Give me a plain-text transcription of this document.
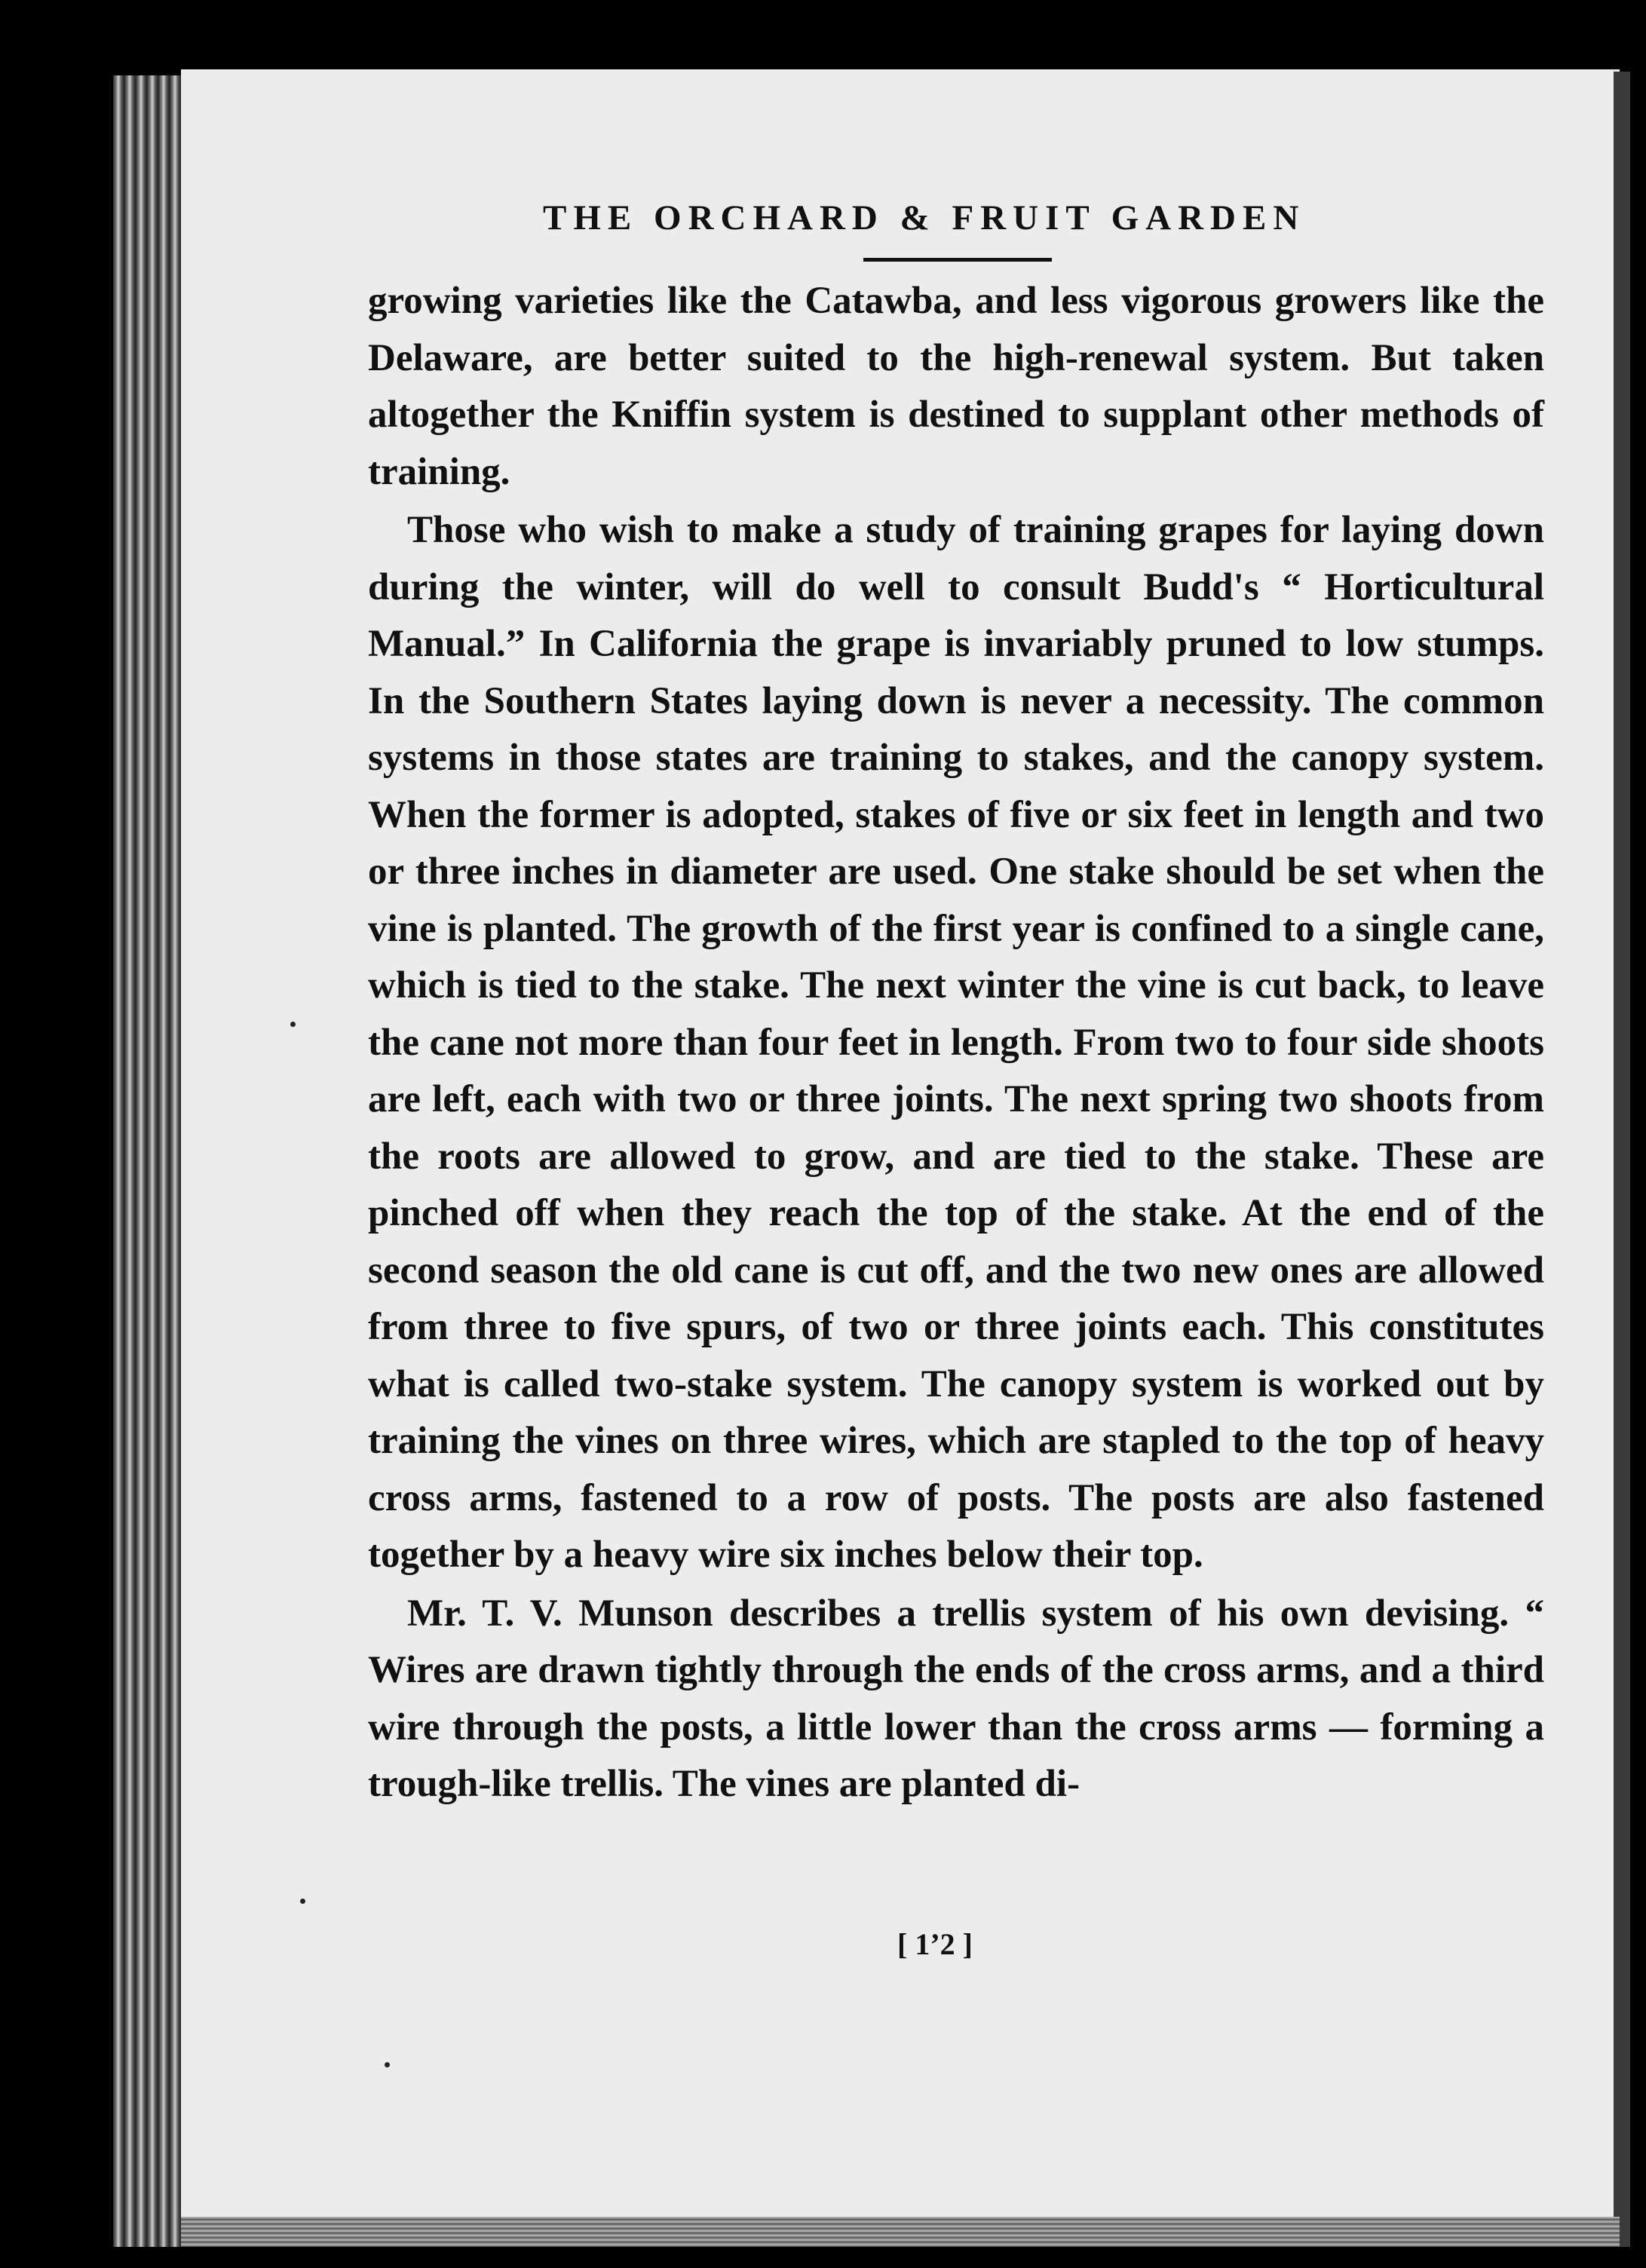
THE ORCHARD & FRUIT GARDEN

growing varieties like the Catawba, and less vigorous growers like the Delaware, are better suited to the high-renewal system. But taken altogether the Kniffin system is destined to supplant other methods of training.

Those who wish to make a study of training grapes for laying down during the winter, will do well to consult Budd's “ Horticultural Manual.” In California the grape is invariably pruned to low stumps. In the Southern States laying down is never a necessity. The common systems in those states are training to stakes, and the canopy system. When the former is adopted, stakes of five or six feet in length and two or three inches in diameter are used. One stake should be set when the vine is planted. The growth of the first year is confined to a single cane, which is tied to the stake. The next winter the vine is cut back, to leave the cane not more than four feet in length. From two to four side shoots are left, each with two or three joints. The next spring two shoots from the roots are allowed to grow, and are tied to the stake. These are pinched off when they reach the top of the stake. At the end of the second season the old cane is cut off, and the two new ones are allowed from three to five spurs, of two or three joints each. This constitutes what is called two-stake system. The canopy system is worked out by training the vines on three wires, which are stapled to the top of heavy cross arms, fastened to a row of posts. The posts are also fastened together by a heavy wire six inches below their top.

Mr. T. V. Munson describes a trellis system of his own devising. “ Wires are drawn tightly through the ends of the cross arms, and a third wire through the posts, a little lower than the cross arms — forming a trough-like trellis. The vines are planted di-

[ 1’2 ]
